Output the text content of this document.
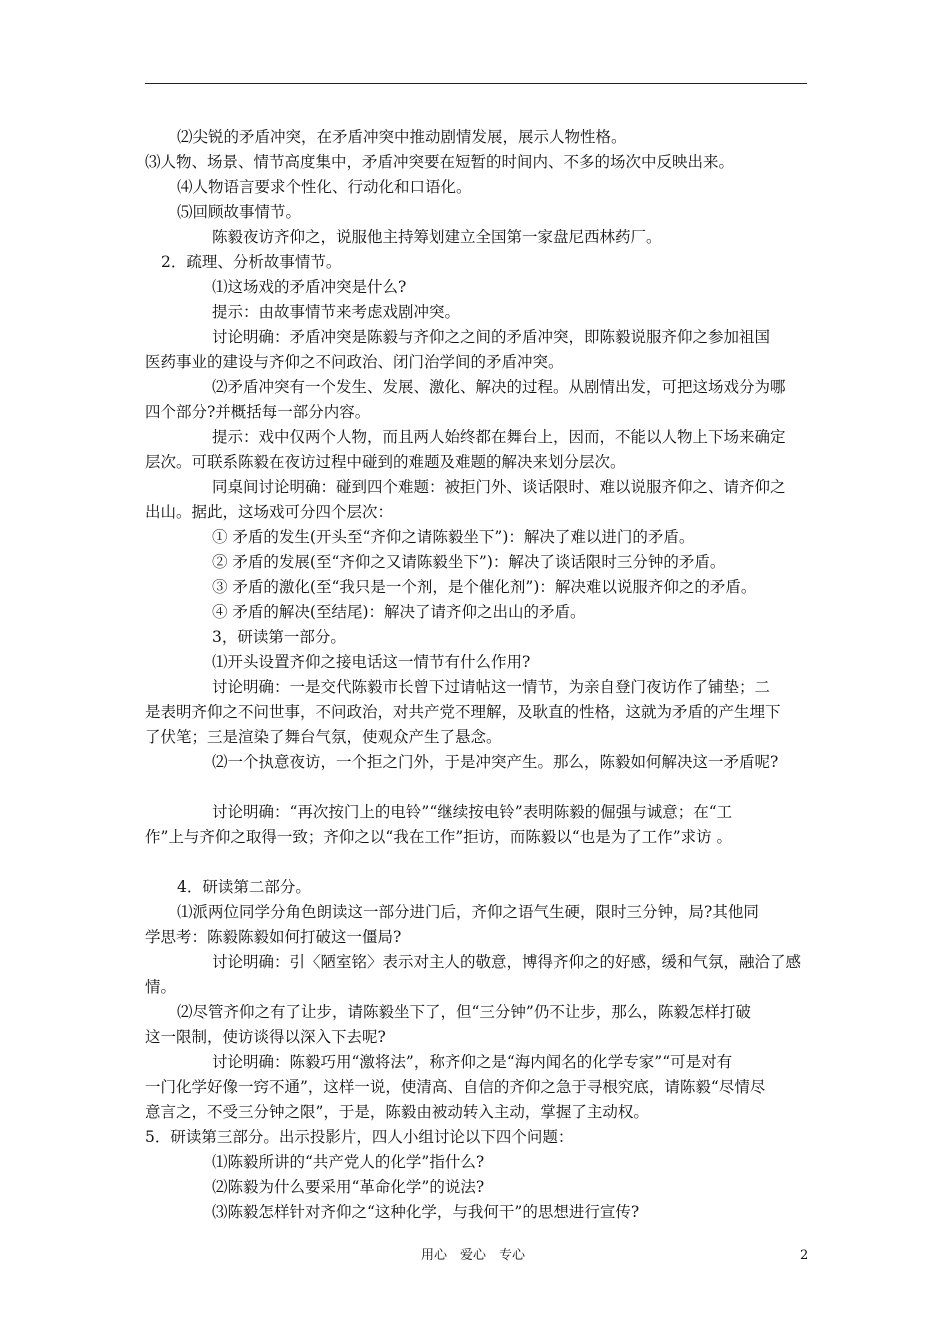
⑵尖锐的矛盾冲突，在矛盾冲突中推动剧情发展，展示人物性格。
⑶人物、场景、情节高度集中，矛盾冲突要在短暂的时间内、不多的场次中反映出来。
⑷人物语言要求个性化、行动化和口语化。
⑸回顾故事情节。
陈毅夜访齐仰之，说服他主持筹划建立全国第一家盘尼西林药厂。
2．疏理、分析故事情节。
⑴这场戏的矛盾冲突是什么?
提示：由故事情节来考虑戏剧冲突。
讨论明确：矛盾冲突是陈毅与齐仰之之间的矛盾冲突，即陈毅说服齐仰之参加祖国
医药事业的建设与齐仰之不问政治、闭门治学间的矛盾冲突。
⑵矛盾冲突有一个发生、发展、激化、解决的过程。从剧情出发，可把这场戏分为哪
四个部分?并概括每一部分内容。
提示：戏中仅两个人物，而且两人始终都在舞台上，因而，不能以人物上下场来确定
层次。可联系陈毅在夜访过程中碰到的难题及难题的解决来划分层次。
同桌间讨论明确：碰到四个难题：被拒门外、谈话限时、难以说服齐仰之、请齐仰之
出山。据此，这场戏可分四个层次：
① 矛盾的发生(开头至“齐仰之请陈毅坐下”)：解决了难以进门的矛盾。
② 矛盾的发展(至“齐仰之又请陈毅坐下”)：解决了谈话限时三分钟的矛盾。
③ 矛盾的激化(至“我只是一个剂，是个催化剂”)：解决难以说服齐仰之的矛盾。
④ 矛盾的解决(至结尾)：解决了请齐仰之出山的矛盾。
3，研读第一部分。
⑴开头设置齐仰之接电话这一情节有什么作用?
讨论明确：一是交代陈毅市长曾下过请帖这一情节，为亲自登门夜访作了铺垫；二
是表明齐仰之不问世事，不问政治，对共产党不理解，及耿直的性格，这就为矛盾的产生埋下
了伏笔；三是渲染了舞台气氛，使观众产生了悬念。
⑵一个执意夜访，一个拒之门外，于是冲突产生。那么，陈毅如何解决这一矛盾呢?
讨论明确：“再次按门上的电铃”“继续按电铃”表明陈毅的倔强与诚意；在“工
作”上与齐仰之取得一致；齐仰之以“我在工作”拒访，而陈毅以“也是为了工作”求访 。
4．研读第二部分。
⑴派两位同学分角色朗读这一部分进门后，齐仰之语气生硬，限时三分钟，局?其他同
学思考：陈毅陈毅如何打破这一僵局?
讨论明确：引〈陋室铭〉表示对主人的敬意，博得齐仰之的好感，缓和气氛，融洽了感
情。
⑵尽管齐仰之有了让步，请陈毅坐下了，但“三分钟”仍不让步，那么，陈毅怎样打破
这一限制，使访谈得以深入下去呢?
讨论明确：陈毅巧用“激将法”，称齐仰之是“海内闻名的化学专家”“可是对有
一门化学好像一窍不通”，这样一说，使清高、自信的齐仰之急于寻根究底，请陈毅“尽情尽
意言之，不受三分钟之限”，于是，陈毅由被动转入主动，掌握了主动权。
5．研读第三部分。出示投影片，四人小组讨论以下四个问题：
⑴陈毅所讲的“共产党人的化学”指什么?
⑵陈毅为什么要采用“革命化学”的说法?
⑶陈毅怎样针对齐仰之“这种化学，与我何干”的思想进行宣传?
用心　爱心　专心	2
